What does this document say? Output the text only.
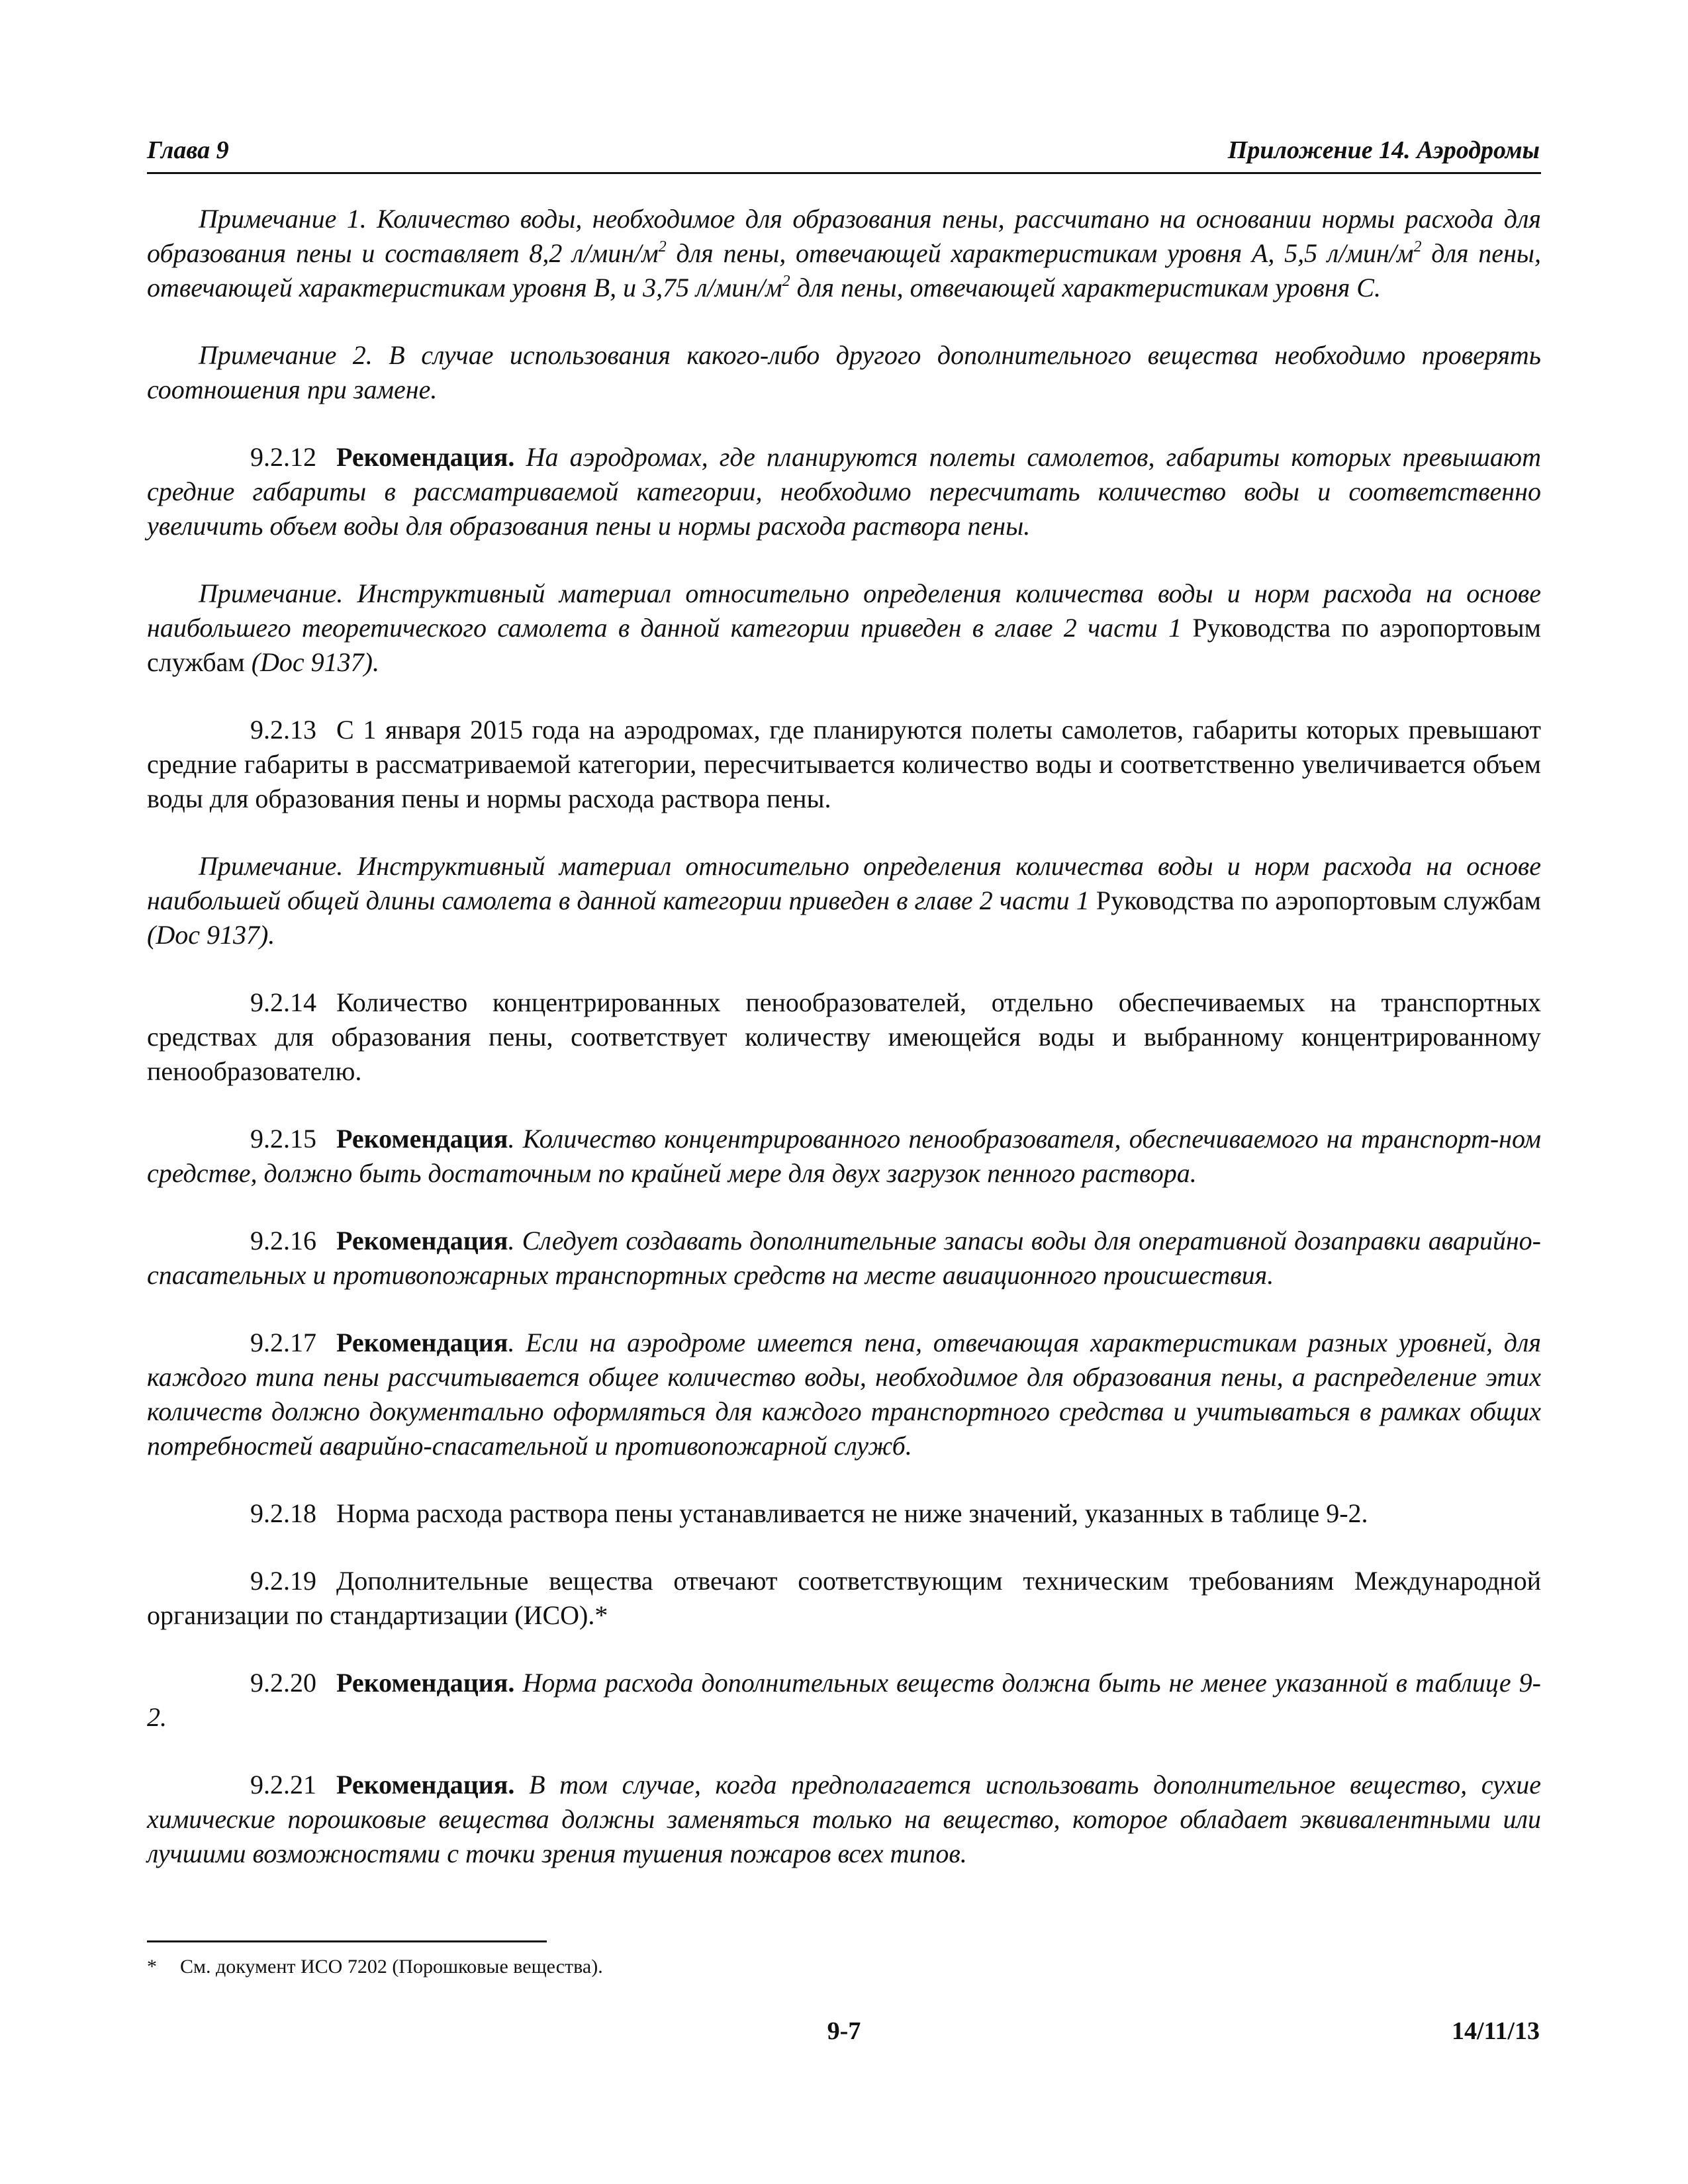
Глава 9	Приложение 14. Аэродромы

Примечание 1. Количество воды, необходимое для образования пены, рассчитано на основании нормы расхода для образования пены и составляет 8,2 $л/мин/м^2$ для пены, отвечающей характеристикам уровня А, 5,5 $л/мин/м^2$ для пены, отвечающей характеристикам уровня В, и 3,75 $л/мин/м^2$ для пены, отвечающей характеристикам уровня С.

Примечание 2. В случае использования какого-либо другого дополнительного вещества необходимо проверять соотношения при замене.

9.2.12 Рекомендация. На аэродромах, где планируются полеты самолетов, габариты которых превышают средние габариты в рассматриваемой категории, необходимо пересчитать количество воды и соответственно увеличить объем воды для образования пены и нормы расхода раствора пены.

Примечание. Инструктивный материал относительно определения количества воды и норм расхода на основе наибольшего теоретического самолета в данной категории приведен в главе 2 части 1 Руководства по аэропортовым службам (Doc 9137).

9.2.13 С 1 января 2015 года на аэродромах, где планируются полеты самолетов, габариты которых превышают средние габариты в рассматриваемой категории, пересчитывается количество воды и соответственно увеличивается объем воды для образования пены и нормы расхода раствора пены.

Примечание. Инструктивный материал относительно определения количества воды и норм расхода на основе наибольшей общей длины самолета в данной категории приведен в главе 2 части 1 Руководства по аэропортовым службам (Doc 9137).

9.2.14 Количество концентрированных пенообразователей, отдельно обеспечиваемых на транспортных средствах для образования пены, соответствует количеству имеющейся воды и выбранному концентрированному пенообразователю.

9.2.15 Рекомендация. Количество концентрированного пенообразователя, обеспечиваемого на транспорт-ном средстве, должно быть достаточным по крайней мере для двух загрузок пенного раствора.

9.2.16 Рекомендация. Следует создавать дополнительные запасы воды для оперативной дозаправки аварийно-спасательных и противопожарных транспортных средств на месте авиационного происшествия.

9.2.17 Рекомендация. Если на аэродроме имеется пена, отвечающая характеристикам разных уровней, для каждого типа пены рассчитывается общее количество воды, необходимое для образования пены, а распределение этих количеств должно документально оформляться для каждого транспортного средства и учитываться в рамках общих потребностей аварийно-спасательной и противопожарной служб.

9.2.18 Норма расхода раствора пены устанавливается не ниже значений, указанных в таблице 9-2.

9.2.19 Дополнительные вещества отвечают соответствующим техническим требованиям Международной организации по стандартизации (ИСО).*

9.2.20 Рекомендация. Норма расхода дополнительных веществ должна быть не менее указанной в таблице 9-2.

9.2.21 Рекомендация. В том случае, когда предполагается использовать дополнительное вещество, сухие химические порошковые вещества должны заменяться только на вещество, которое обладает эквивалентными или лучшими возможностями с точки зрения тушения пожаров всех типов.

* См. документ ИСО 7202 (Порошковые вещества).
9-7	14/11/13
